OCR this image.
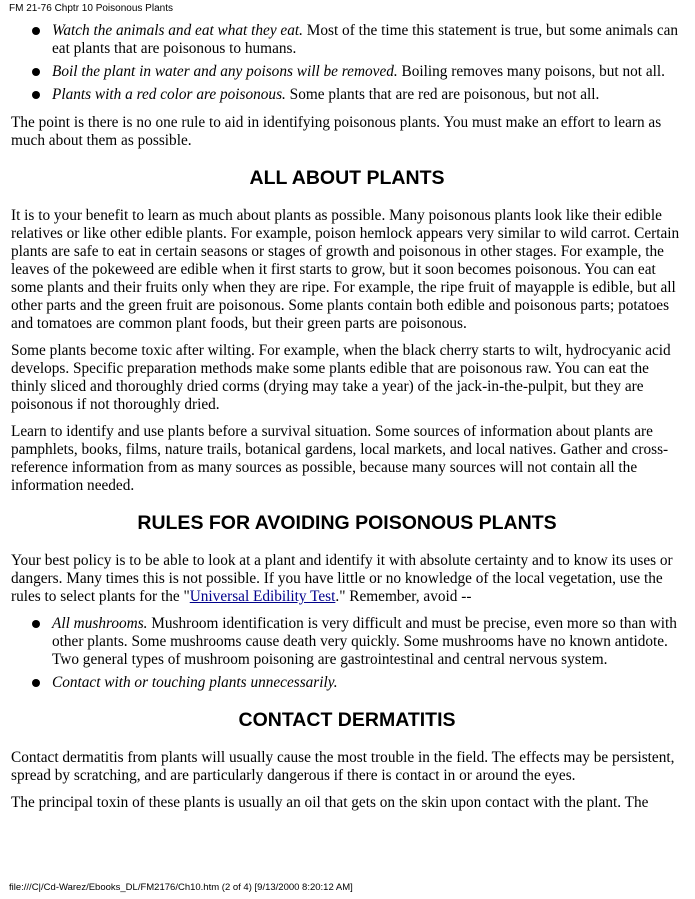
FM 21-76 Chptr 10 Poisonous Plants
Watch the animals and eat what they eat. Most of the time this statement is true, but some animals can eat plants that are poisonous to humans.
Boil the plant in water and any poisons will be removed. Boiling removes many poisons, but not all.
Plants with a red color are poisonous. Some plants that are red are poisonous, but not all.

The point is there is no one rule to aid in identifying poisonous plants. You must make an effort to learn as much about them as possible.

ALL ABOUT PLANTS

It is to your benefit to learn as much about plants as possible. Many poisonous plants look like their edible relatives or like other edible plants. For example, poison hemlock appears very similar to wild carrot. Certain plants are safe to eat in certain seasons or stages of growth and poisonous in other stages. For example, the leaves of the pokeweed are edible when it first starts to grow, but it soon becomes poisonous. You can eat some plants and their fruits only when they are ripe. For example, the ripe fruit of mayapple is edible, but all other parts and the green fruit are poisonous. Some plants contain both edible and poisonous parts; potatoes and tomatoes are common plant foods, but their green parts are poisonous.

Some plants become toxic after wilting. For example, when the black cherry starts to wilt, hydrocyanic acid develops. Specific preparation methods make some plants edible that are poisonous raw. You can eat the thinly sliced and thoroughly dried corms (drying may take a year) of the jack-in-the-pulpit, but they are poisonous if not thoroughly dried.

Learn to identify and use plants before a survival situation. Some sources of information about plants are pamphlets, books, films, nature trails, botanical gardens, local markets, and local natives. Gather and cross-reference information from as many sources as possible, because many sources will not contain all the information needed.

RULES FOR AVOIDING POISONOUS PLANTS

Your best policy is to be able to look at a plant and identify it with absolute certainty and to know its uses or dangers. Many times this is not possible. If you have little or no knowledge of the local vegetation, use the rules to select plants for the "Universal Edibility Test." Remember, avoid --

All mushrooms. Mushroom identification is very difficult and must be precise, even more so than with other plants. Some mushrooms cause death very quickly. Some mushrooms have no known antidote. Two general types of mushroom poisoning are gastrointestinal and central nervous system.
Contact with or touching plants unnecessarily.
CONTACT DERMATITIS

Contact dermatitis from plants will usually cause the most trouble in the field. The effects may be persistent, spread by scratching, and are particularly dangerous if there is contact in or around the eyes.

The principal toxin of these plants is usually an oil that gets on the skin upon contact with the plant. The

file:///C|/Cd-Warez/Ebooks_DL/FM2176/Ch10.htm (2 of 4) [9/13/2000 8:20:12 AM]
